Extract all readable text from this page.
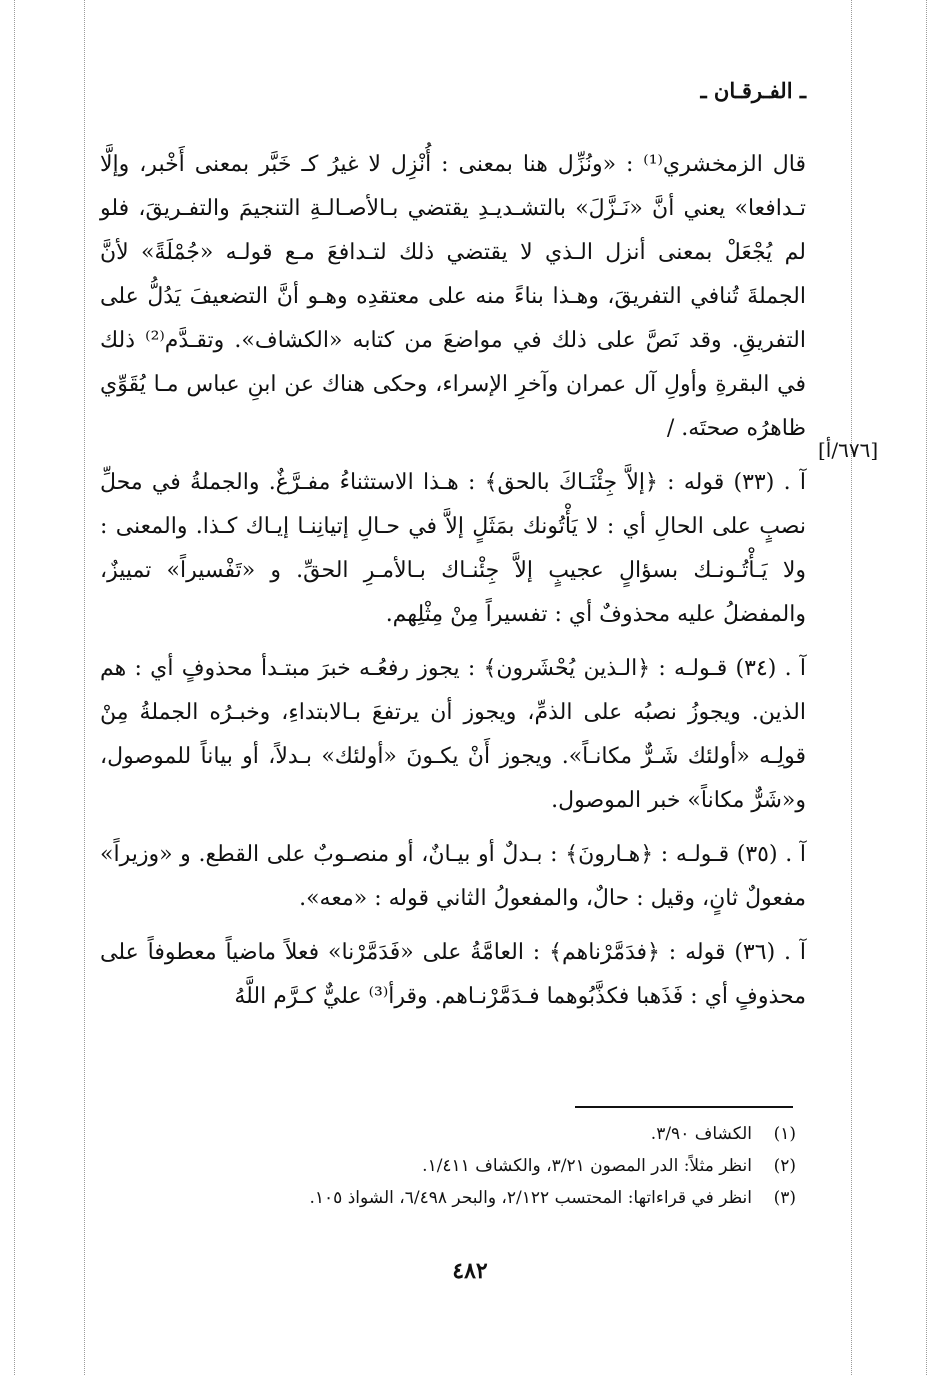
ـ الفـرقـان ـ

قال الزمخشري⁽¹⁾ : «ونُزِّل هنا بمعنى : أُنْزِل لا غيرُ كـ خَبَّر بمعنى أَخْبر، وإلَّا تـدافعا» يعني أنَّ «نَـزَّلَ» بالتشـديـدِ يقتضي بـالأصـالـةِ التنجيمَ والتفـريقَ، فلو لم يُجْعَلْ بمعنى أنزل الـذي لا يقتضي ذلك لتـدافعَ مـع قولـه «جُمْلَةً» لأنَّ الجملةَ تُنافي التفريقَ، وهـذا بناءً منه على معتقدِه وهـو أنَّ التضعيفَ يَدُلُّ على التفريقِ. وقد نَصَّ على ذلك في مواضعَ من كتابه «الكشاف». وتقـدَّم⁽²⁾ ذلك في البقرةِ وأولِ آل عمران وآخرِ الإسراء، وحكى هناك عن ابنِ عباس مـا يُقَوِّي ظاهرُه صحتَه. /

آ . (٣٣) قوله : ﴿إلاَّ جِئْنَـاكَ بالحق﴾ : هـذا الاستثناءُ مفـرَّغٌ. والجملةُ في محلِّ نصبٍ على الحالِ أي : لا يَأْتُونك بمَثَلٍ إلاَّ في حـالِ إتيانِنـا إيـاك كـذا. والمعنى : ولا يَـأْتُـونـك بسؤالٍ عجيبٍ إلاَّ جِئْنـاك بـالأمـرِ الحقِّ. و «تَفْسيراً» تمييزٌ، والمفضلُ عليه محذوفٌ أي : تفسيراً مِنْ مِثْلِهم.

آ . (٣٤) قـولـه : ﴿الـذين يُحْشَرون﴾ : يجوز رفعُـه خبرَ مبتـدأ محذوفٍ أي : هم الذين. ويجوزُ نصبُه على الذمِّ، ويجوز أن يرتفعَ بـالابتداءِ، وخبـرُه الجملةُ مِنْ قولِـه «أولئك شَـرٌّ مكانـاً». ويجوز أَنْ يكـونَ «أولئك» بـدلاً، أو بياناً للموصول، و«شَرٌّ مكاناً» خبر الموصول.

آ . (٣٥) قـولـه : ﴿هـارونَ﴾ : بـدلٌ أو بيـانٌ، أو منصـوبٌ على القطع. و «وزيراً» مفعولٌ ثانٍ، وقيل : حالٌ، والمفعولُ الثاني قوله : «معه».

آ . (٣٦) قوله : ﴿فدَمَّرْناهم﴾ : العامَّةُ على «فَدَمَّرْنا» فعلاً ماضياً معطوفاً على محذوفٍ أي : فَذَهبا فكذَّبُوهما فـدَمَّرْنـاهم. وقرأ⁽³⁾ عليٌّ كـرَّم اللَّهُ

[٦٧٦/أ]
(١)الكشاف ٣/٩٠.
(٢)انظر مثلاً: الدر المصون ٣/٢١، والكشاف ١/٤١١.
(٣)انظر في قراءاتها: المحتسب ٢/١٢٢، والبحر ٦/٤٩٨، الشواذ ١٠٥.
٤٨٢
